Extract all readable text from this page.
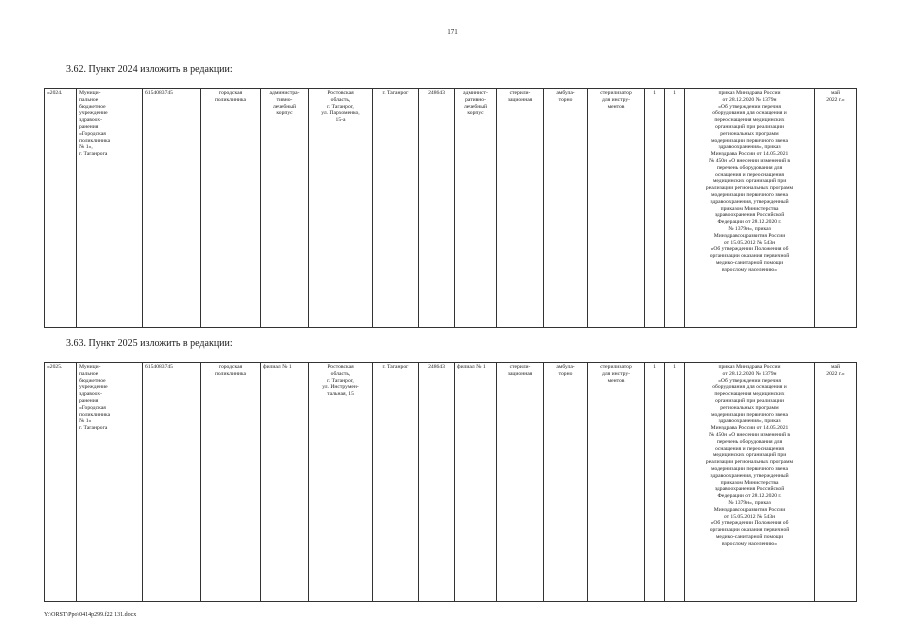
171
3.62. Пункт 2024 изложить в редакции:
«2024.	Муници-
пальное
бюджетное
учреждение
здравоох-
ранения
«Городская
поликлиника
№ 1»,
г. Таганрога	6154083745	городская
поликлиника	администра-
тивно-
лечебный
корпус	Ростовская
область,
г. Таганрог,
ул. Пархоменко,
15-а	г. Таганрог	248643	админист-
ративно-
лечебный
корпус	стерили-
зационная	амбула-
торно	стерилизатор
для инстру-
ментов	1	1	приказ Минздрава России
от 28.12.2020 № 1379н
«Об утверждении перечня
оборудования для оснащения и
переоснащения медицинских
организаций при реализации
региональных программ
модернизации первичного звена
здравоохранения», приказ
Минздрава России от 14.05.2021
№ 450н «О внесении изменений в
перечень оборудования для
оснащения и переоснащения
медицинских организаций при
реализации региональных программ
модернизации первичного звена
здравоохранения, утвержденный
приказом Министерства
здравоохранения Российской
Федерации от 28.12.2020 г.
№ 1379н», приказ
Минздравсоцразвития России
от 15.05.2012 № 543н
«Об утверждении Положения об
организации оказания первичной
медико-санитарной помощи
взрослому населению»	май
2022 г.»
3.63. Пункт 2025 изложить в редакции:
«2025.	Муници-
пальное
бюджетное
учреждение
здравоох-
ранения
«Городская
поликлиника
№ 1»
г. Таганрога	6154083745	городская
поликлиника	филиал № 1	Ростовская
область,
г. Таганрог,
ул. Инструмен-
тальная, 15	г. Таганрог	248643	филиал № 1	стерили-
зационная	амбула-
торно	стерилизатор
для инстру-
ментов	1	1	приказ Минздрава России
от 28.12.2020 № 1379н
«Об утверждении перечня
оборудования для оснащения и
переоснащения медицинских
организаций при реализации
региональных программ
модернизации первичного звена
здравоохранения», приказ
Минздрава России от 14.05.2021
№ 450н «О внесении изменений в
перечень оборудования для
оснащения и переоснащения
медицинских организаций при
реализации региональных программ
модернизации первичного звена
здравоохранения, утвержденный
приказом Министерства
здравоохранения Российской
Федерации от 28.12.2020 г.
№ 1379н», приказ
Минздравсоцразвития России
от 15.05.2012 № 543н
«Об утверждении Положения об
организации оказания первичной
медико-санитарной помощи
взрослому населению»	май
2022 г.»
Y:\ORST\Ppo\0414p299.f22 131.docx
